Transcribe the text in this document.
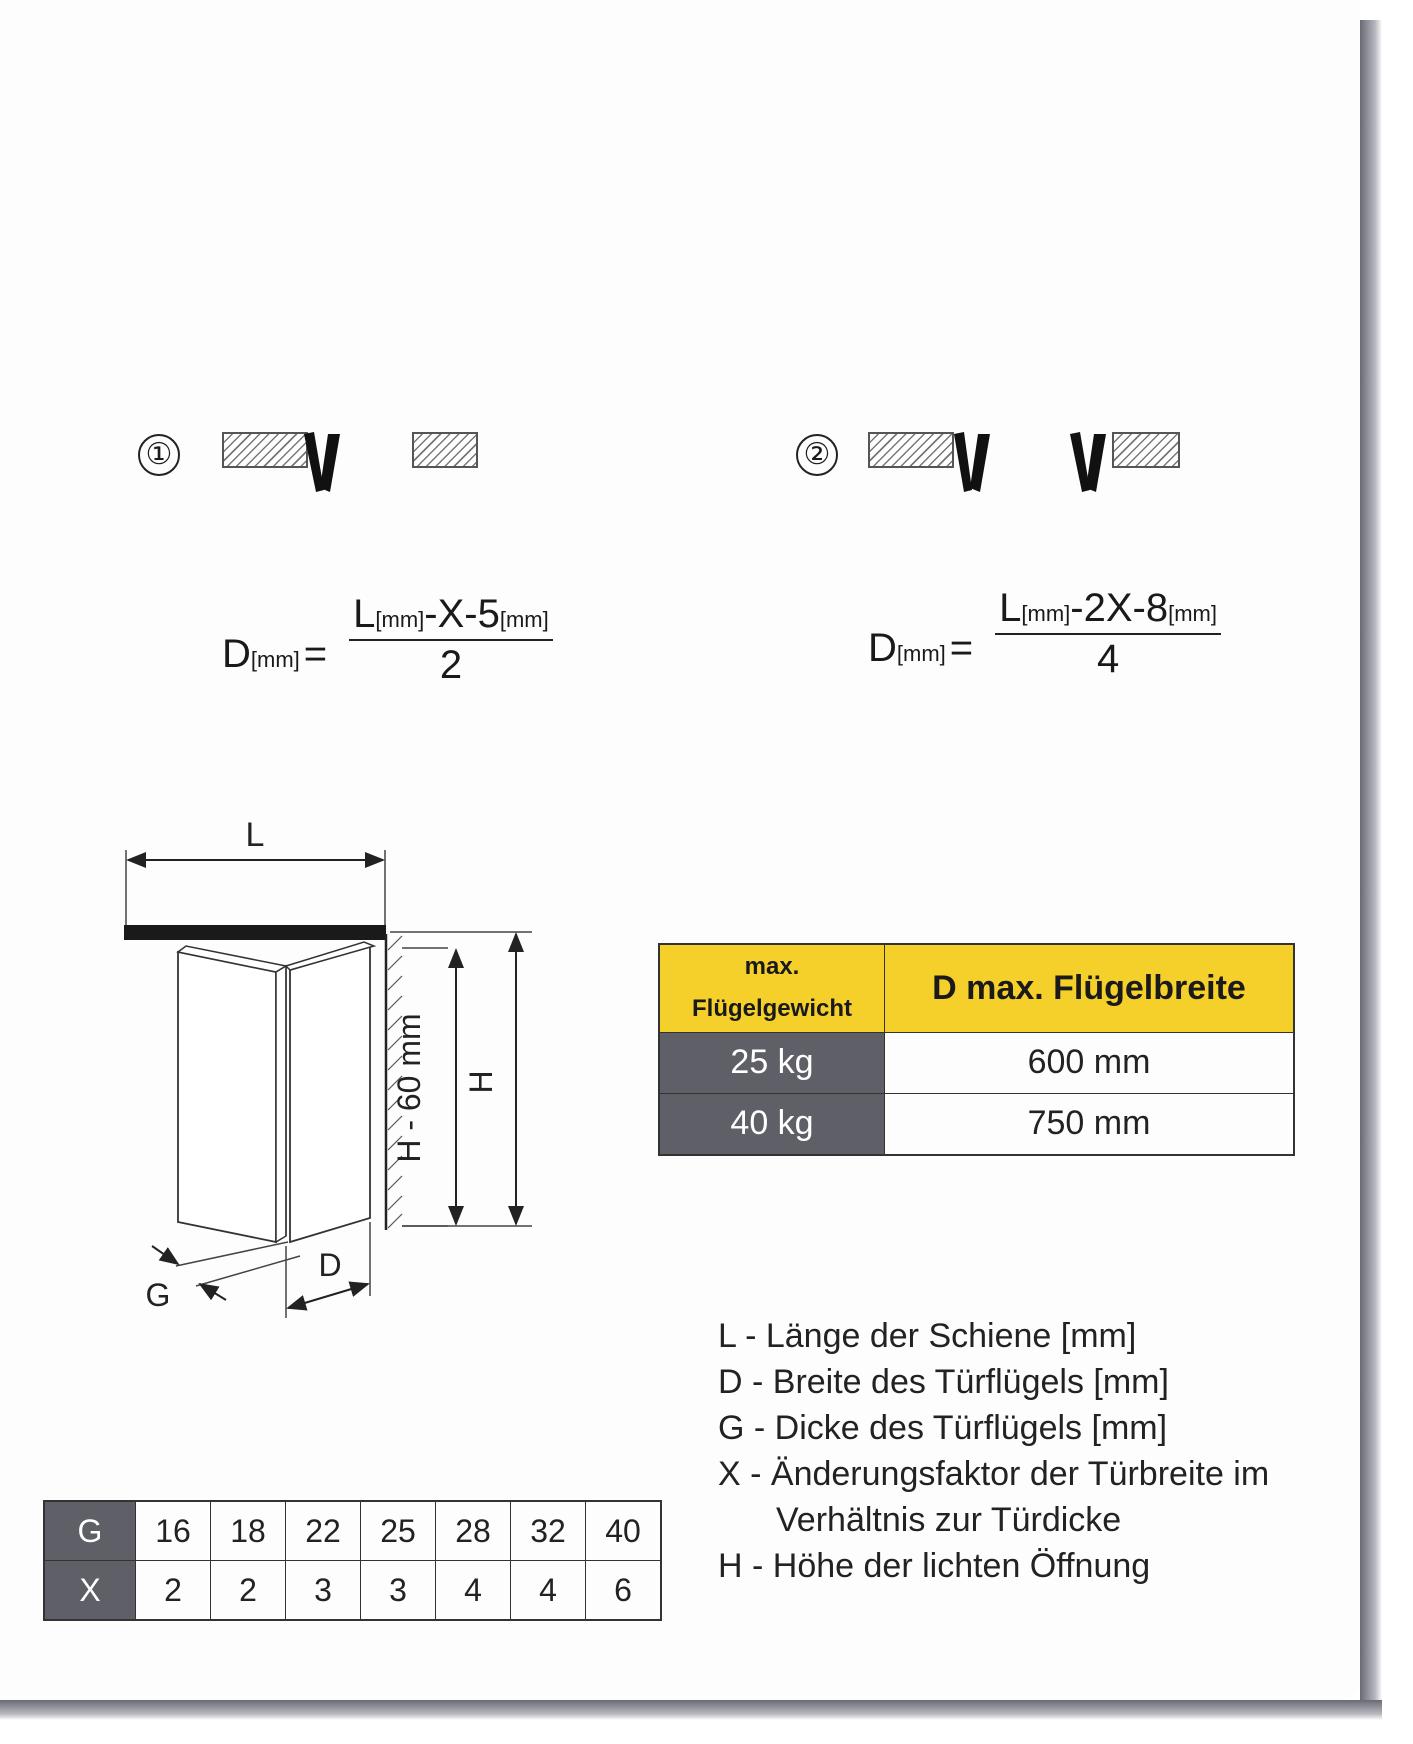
①	②
$D[mm] = \frac{L[mm]-X-5[mm]}{2}$	$D[mm] = \frac{L[mm]-2X-8[mm]}{4}$
L
H - 60 mm H
G
D
max.
Flügelgewicht	D max. Flügelbreite
25 kg	600 mm
40 kg	750 mm
L - Länge der Schiene [mm]
D - Breite des Türflügels [mm]
G - Dicke des Türflügels [mm]
X - Änderungsfaktor der Türbreite im
Verhältnis zur Türdicke
H - Höhe der lichten Öffnung
G	16	18	22	25	28	32	40
X	2	2	3	3	4	4	6
